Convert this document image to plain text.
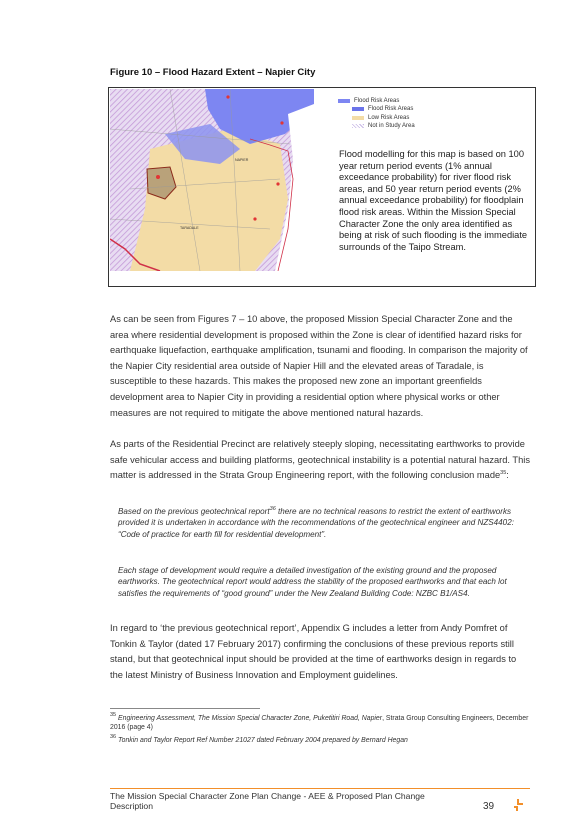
Figure 10 – Flood Hazard Extent – Napier City
NAPIER
TARADALE
Flood Risk Areas
Flood Risk Areas
Low Risk Areas
Not in Study Area
Flood modelling for this map is based on 100 year return period events (1% annual exceedance probability) for river flood risk areas, and 50 year return period events (2% annual exceedance probability) for floodplain flood risk areas. Within the Mission Special Character Zone the only area identified as being at risk of such flooding is the immediate surrounds of the Taipo Stream.
As can be seen from Figures 7 – 10 above, the proposed Mission Special Character Zone and the area where residential development is proposed within the Zone is clear of identified hazard risks for earthquake liquefaction, earthquake amplification, tsunami and flooding. In comparison the majority of the Napier City residential area outside of Napier Hill and the elevated areas of Taradale, is susceptible to these hazards. This makes the proposed new zone an important greenfields development area to Napier City in providing a residential option where physical works or other measures are not required to mitigate the above mentioned natural hazards.
As parts of the Residential Precinct are relatively steeply sloping, necessitating earthworks to provide safe vehicular access and building platforms, geotechnical instability is a potential natural hazard. This matter is addressed in the Strata Group Engineering report, with the following conclusion made$^{35}$:
Based on the previous geotechnical report$^{36}$ there are no technical reasons to restrict the extent of earthworks provided it is undertaken in accordance with the recommendations of the geotechnical engineer and NZS4402: “Code of practice for earth fill for residential development”.
Each stage of development would require a detailed investigation of the existing ground and the proposed earthworks. The geotechnical report would address the stability of the proposed earthworks and that each lot satisfies the requirements of “good ground” under the New Zealand Building Code: NZBC B1/AS4.
In regard to ‘the previous geotechnical report’, Appendix G includes a letter from Andy Pomfret of Tonkin & Taylor (dated 17 February 2017) confirming the conclusions of these previous reports still stand, but that geotechnical input should be provided at the time of earthworks design in regards to the latest Ministry of Business Innovation and Employment guidelines.
$^{35}$ Engineering Assessment, The Mission Special Character Zone, Puketitiri Road, Napier, Strata Group Consulting Engineers, December 2016 (page 4)
$^{36}$ Tonkin and Taylor Report Ref Number 21027 dated February 2004 prepared by Bernard Hegan
The Mission Special Character Zone Plan Change - AEE & Proposed Plan Change Description	39
